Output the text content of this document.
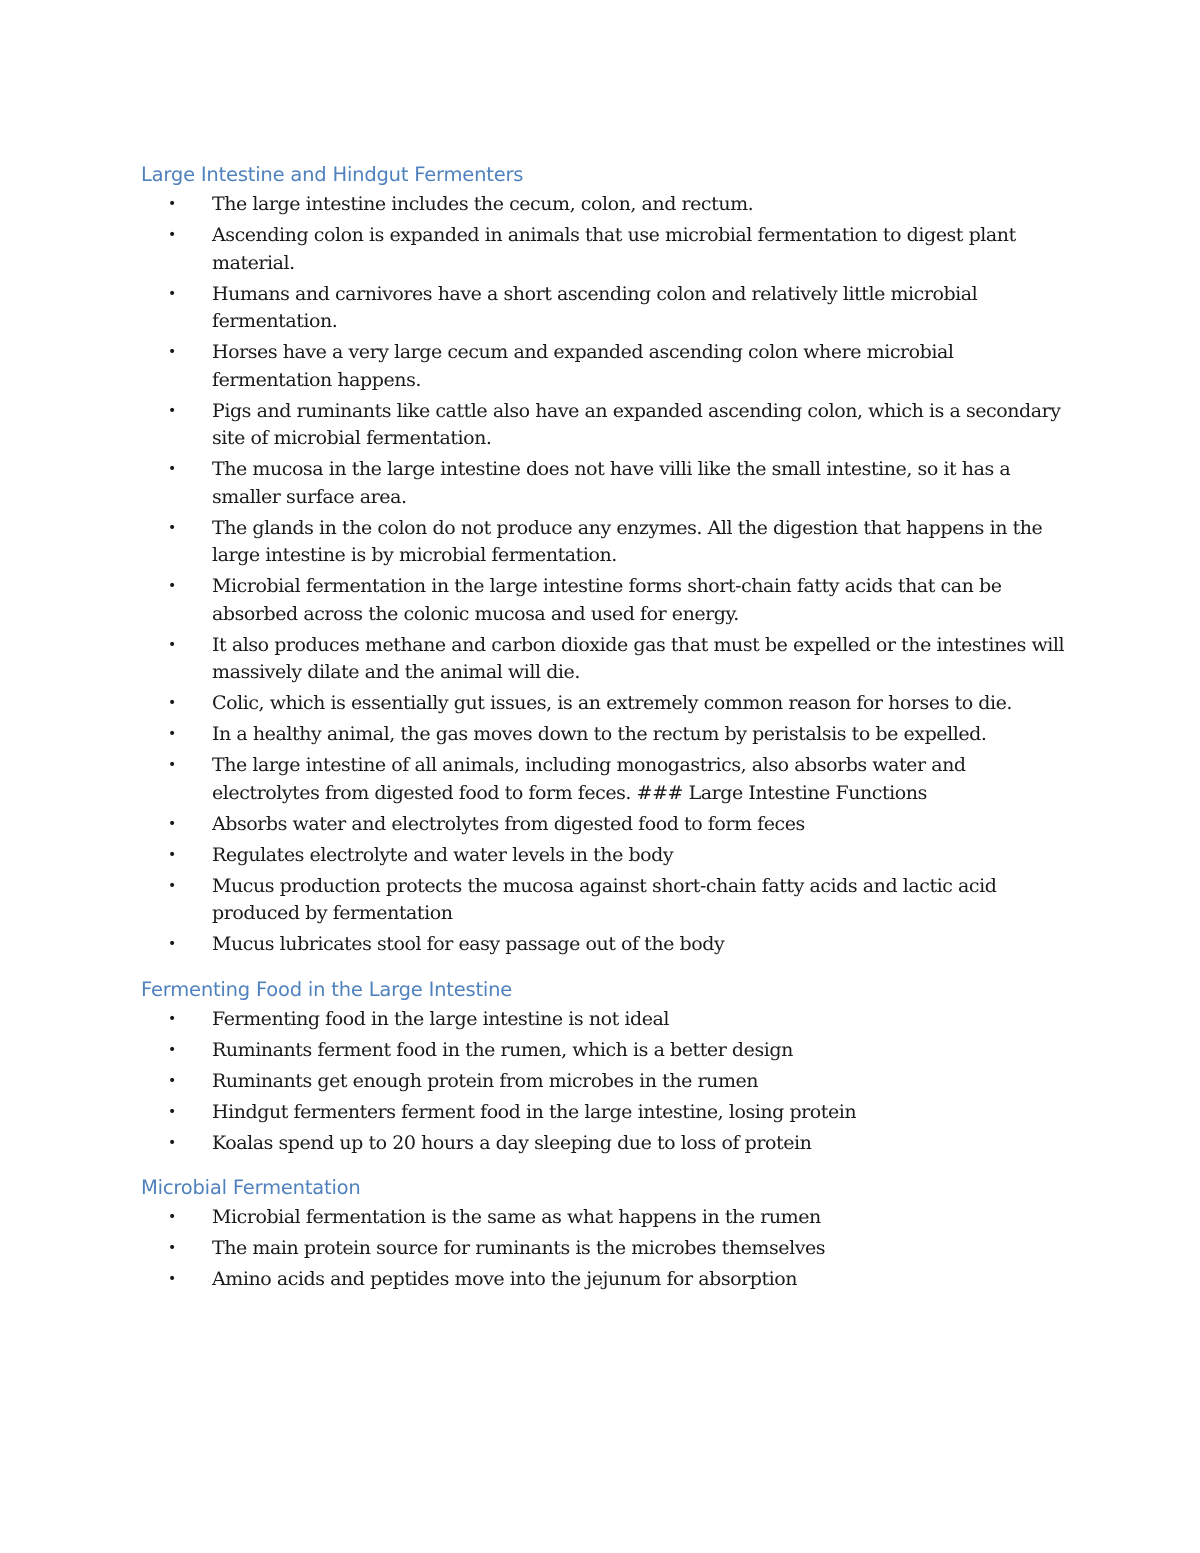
Large Intestine and Hindgut Fermenters
• The large intestine includes the cecum, colon, and rectum.
• Ascending colon is expanded in animals that use microbial fermentation to digest plant material.
• Humans and carnivores have a short ascending colon and relatively little microbial fermentation.
• Horses have a very large cecum and expanded ascending colon where microbial fermentation happens.
• Pigs and ruminants like cattle also have an expanded ascending colon, which is a secondary site of microbial fermentation.
• The mucosa in the large intestine does not have villi like the small intestine, so it has a smaller surface area.
• The glands in the colon do not produce any enzymes. All the digestion that happens in the large intestine is by microbial fermentation.
• Microbial fermentation in the large intestine forms short-chain fatty acids that can be absorbed across the colonic mucosa and used for energy.
• It also produces methane and carbon dioxide gas that must be expelled or the intestines will massively dilate and the animal will die.
• Colic, which is essentially gut issues, is an extremely common reason for horses to die.
• In a healthy animal, the gas moves down to the rectum by peristalsis to be expelled.
• The large intestine of all animals, including monogastrics, also absorbs water and electrolytes from digested food to form feces. ### Large Intestine Functions
• Absorbs water and electrolytes from digested food to form feces
• Regulates electrolyte and water levels in the body
• Mucus production protects the mucosa against short-chain fatty acids and lactic acid produced by fermentation
• Mucus lubricates stool for easy passage out of the body
Fermenting Food in the Large Intestine
• Fermenting food in the large intestine is not ideal
• Ruminants ferment food in the rumen, which is a better design
• Ruminants get enough protein from microbes in the rumen
• Hindgut fermenters ferment food in the large intestine, losing protein
• Koalas spend up to 20 hours a day sleeping due to loss of protein
Microbial Fermentation
• Microbial fermentation is the same as what happens in the rumen
• The main protein source for ruminants is the microbes themselves
• Amino acids and peptides move into the jejunum for absorption
